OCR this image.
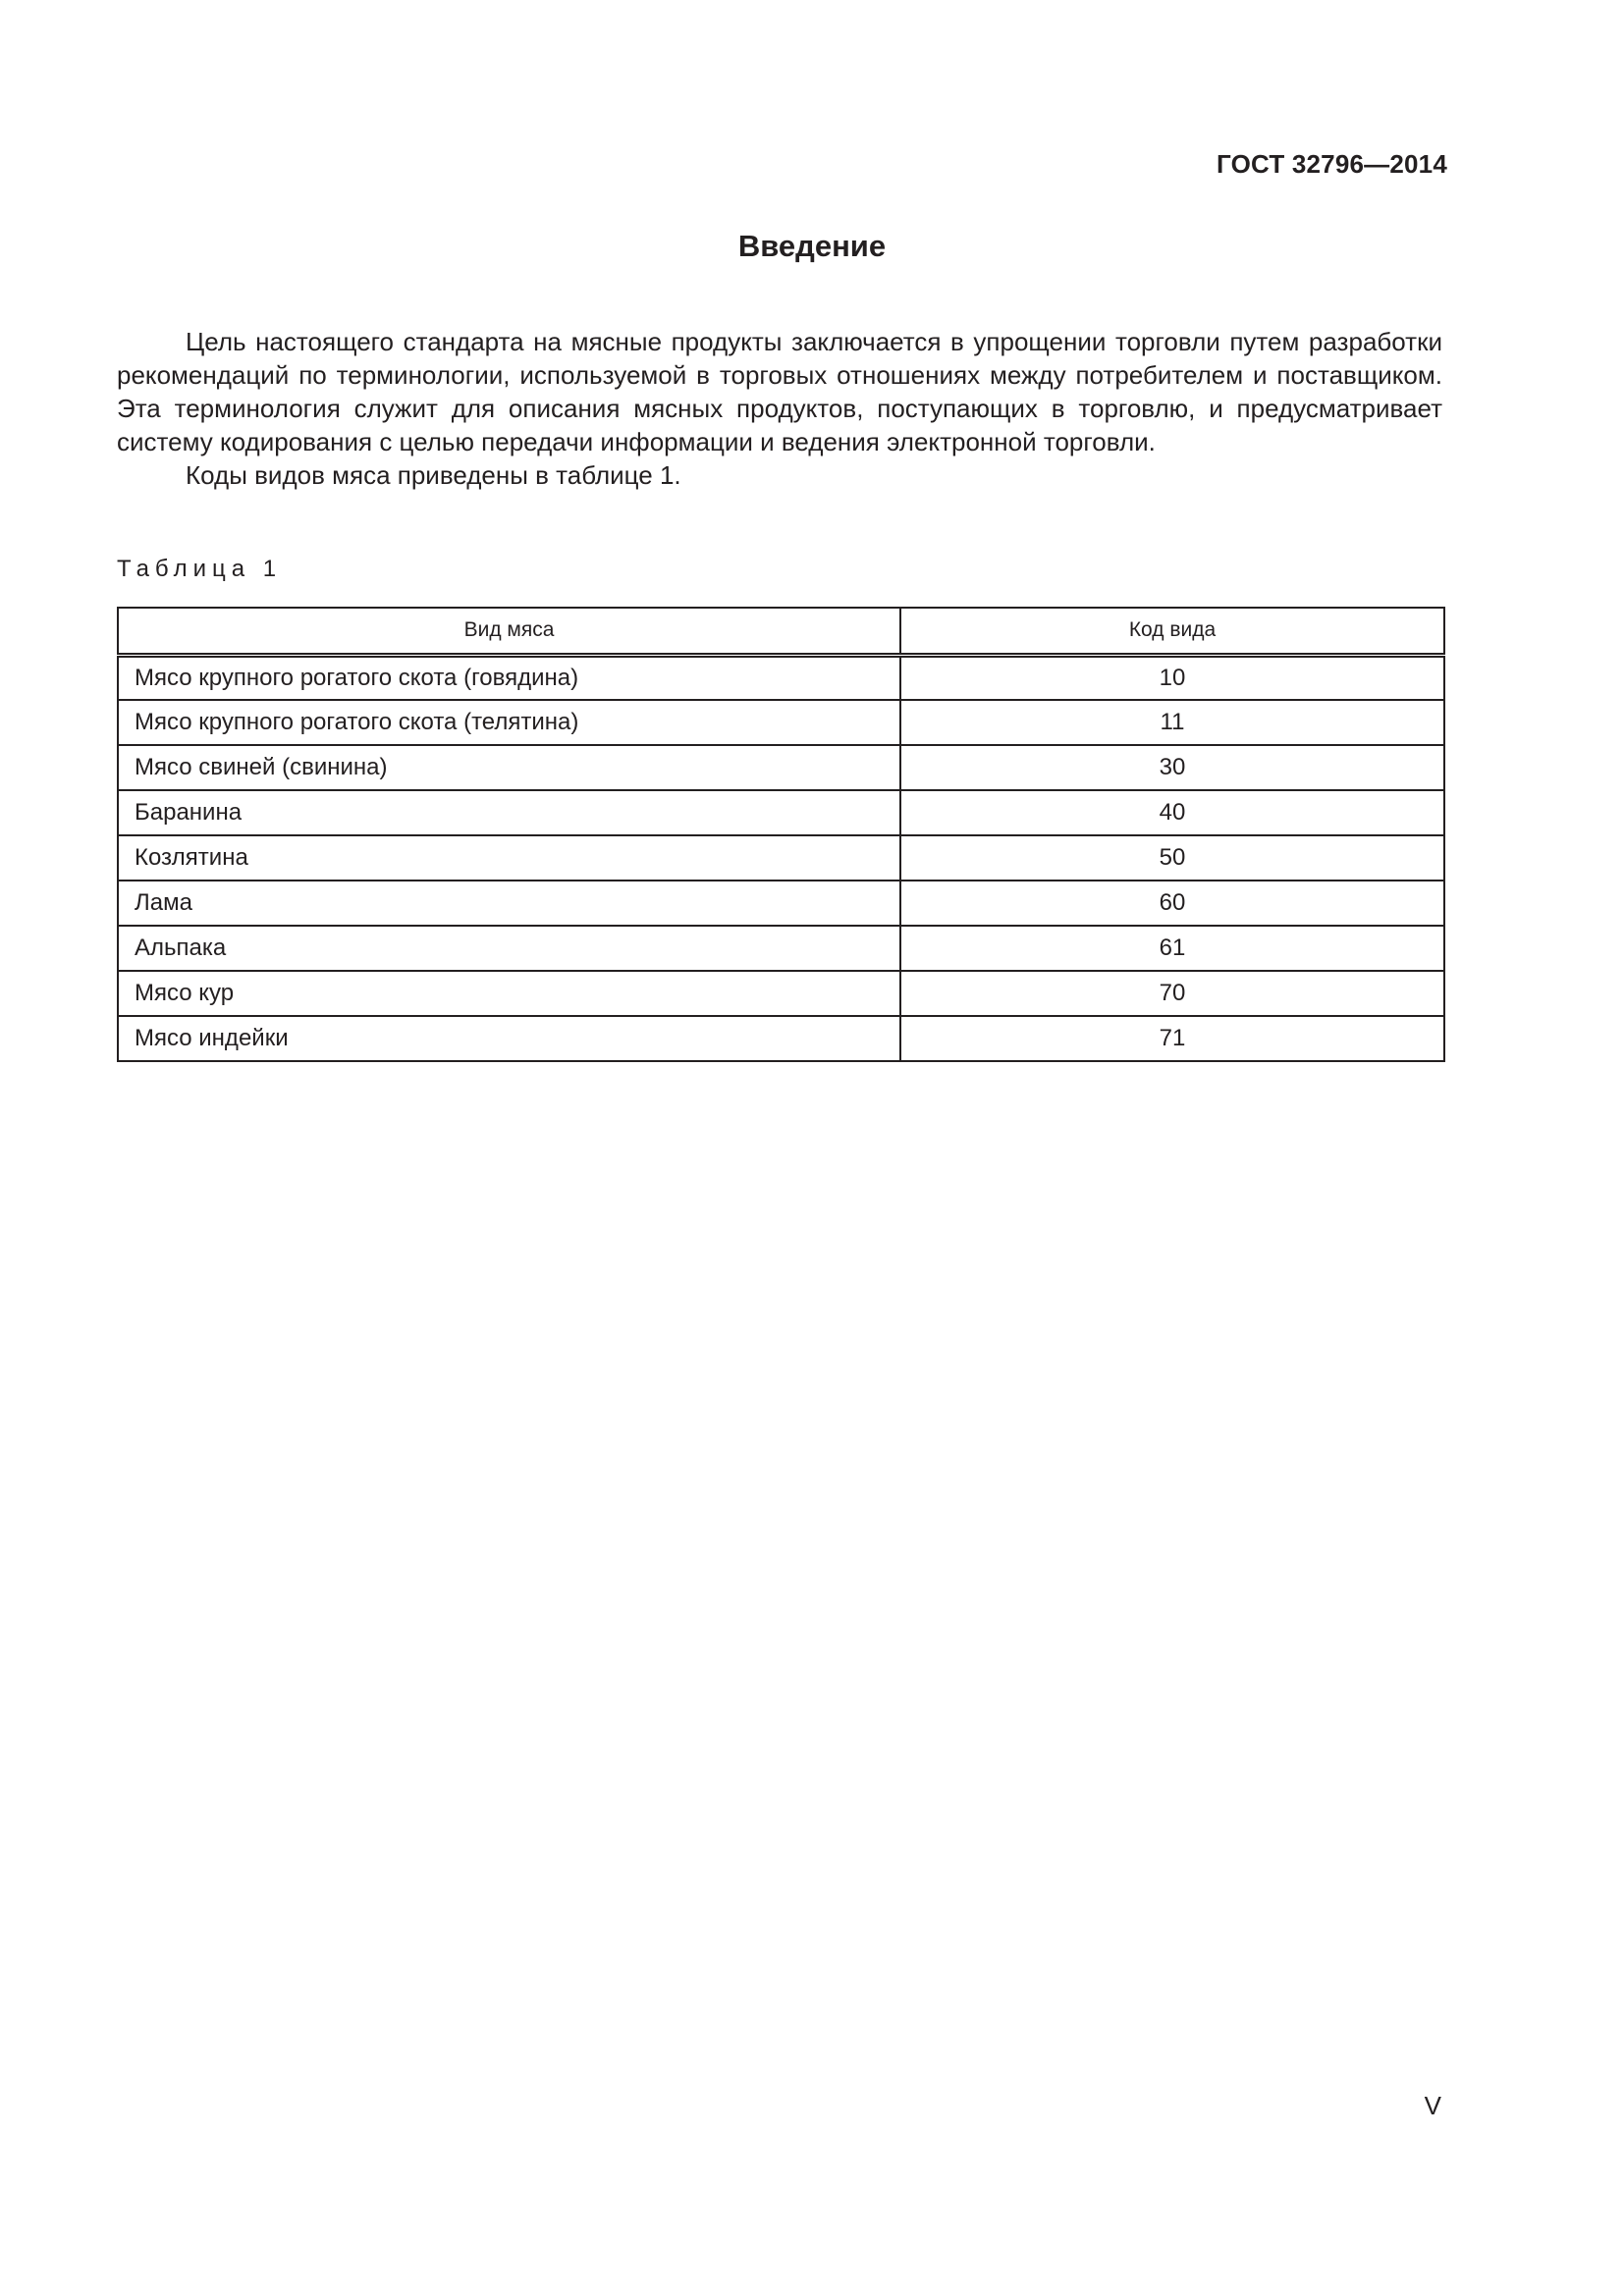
ГОСТ 32796—2014
Введение

Цель настоящего стандарта на мясные продукты заключается в упрощении торговли путем разработки рекомендаций по терминологии, используемой в торговых отношениях между потребителем и поставщиком. Эта терминология служит для описания мясных продуктов, поступающих в торговлю, и предусматривает систему кодирования с целью передачи информации и ведения электронной торговли.

Коды видов мяса приведены в таблице 1.

Таблица 1
Вид мяса	Код вида
Мясо крупного рогатого скота (говядина)	10
Мясо крупного рогатого скота (телятина)	11
Мясо свиней (свинина)	30
Баранина	40
Козлятина	50
Лама	60
Альпака	61
Мясо кур	70
Мясо индейки	71
V
